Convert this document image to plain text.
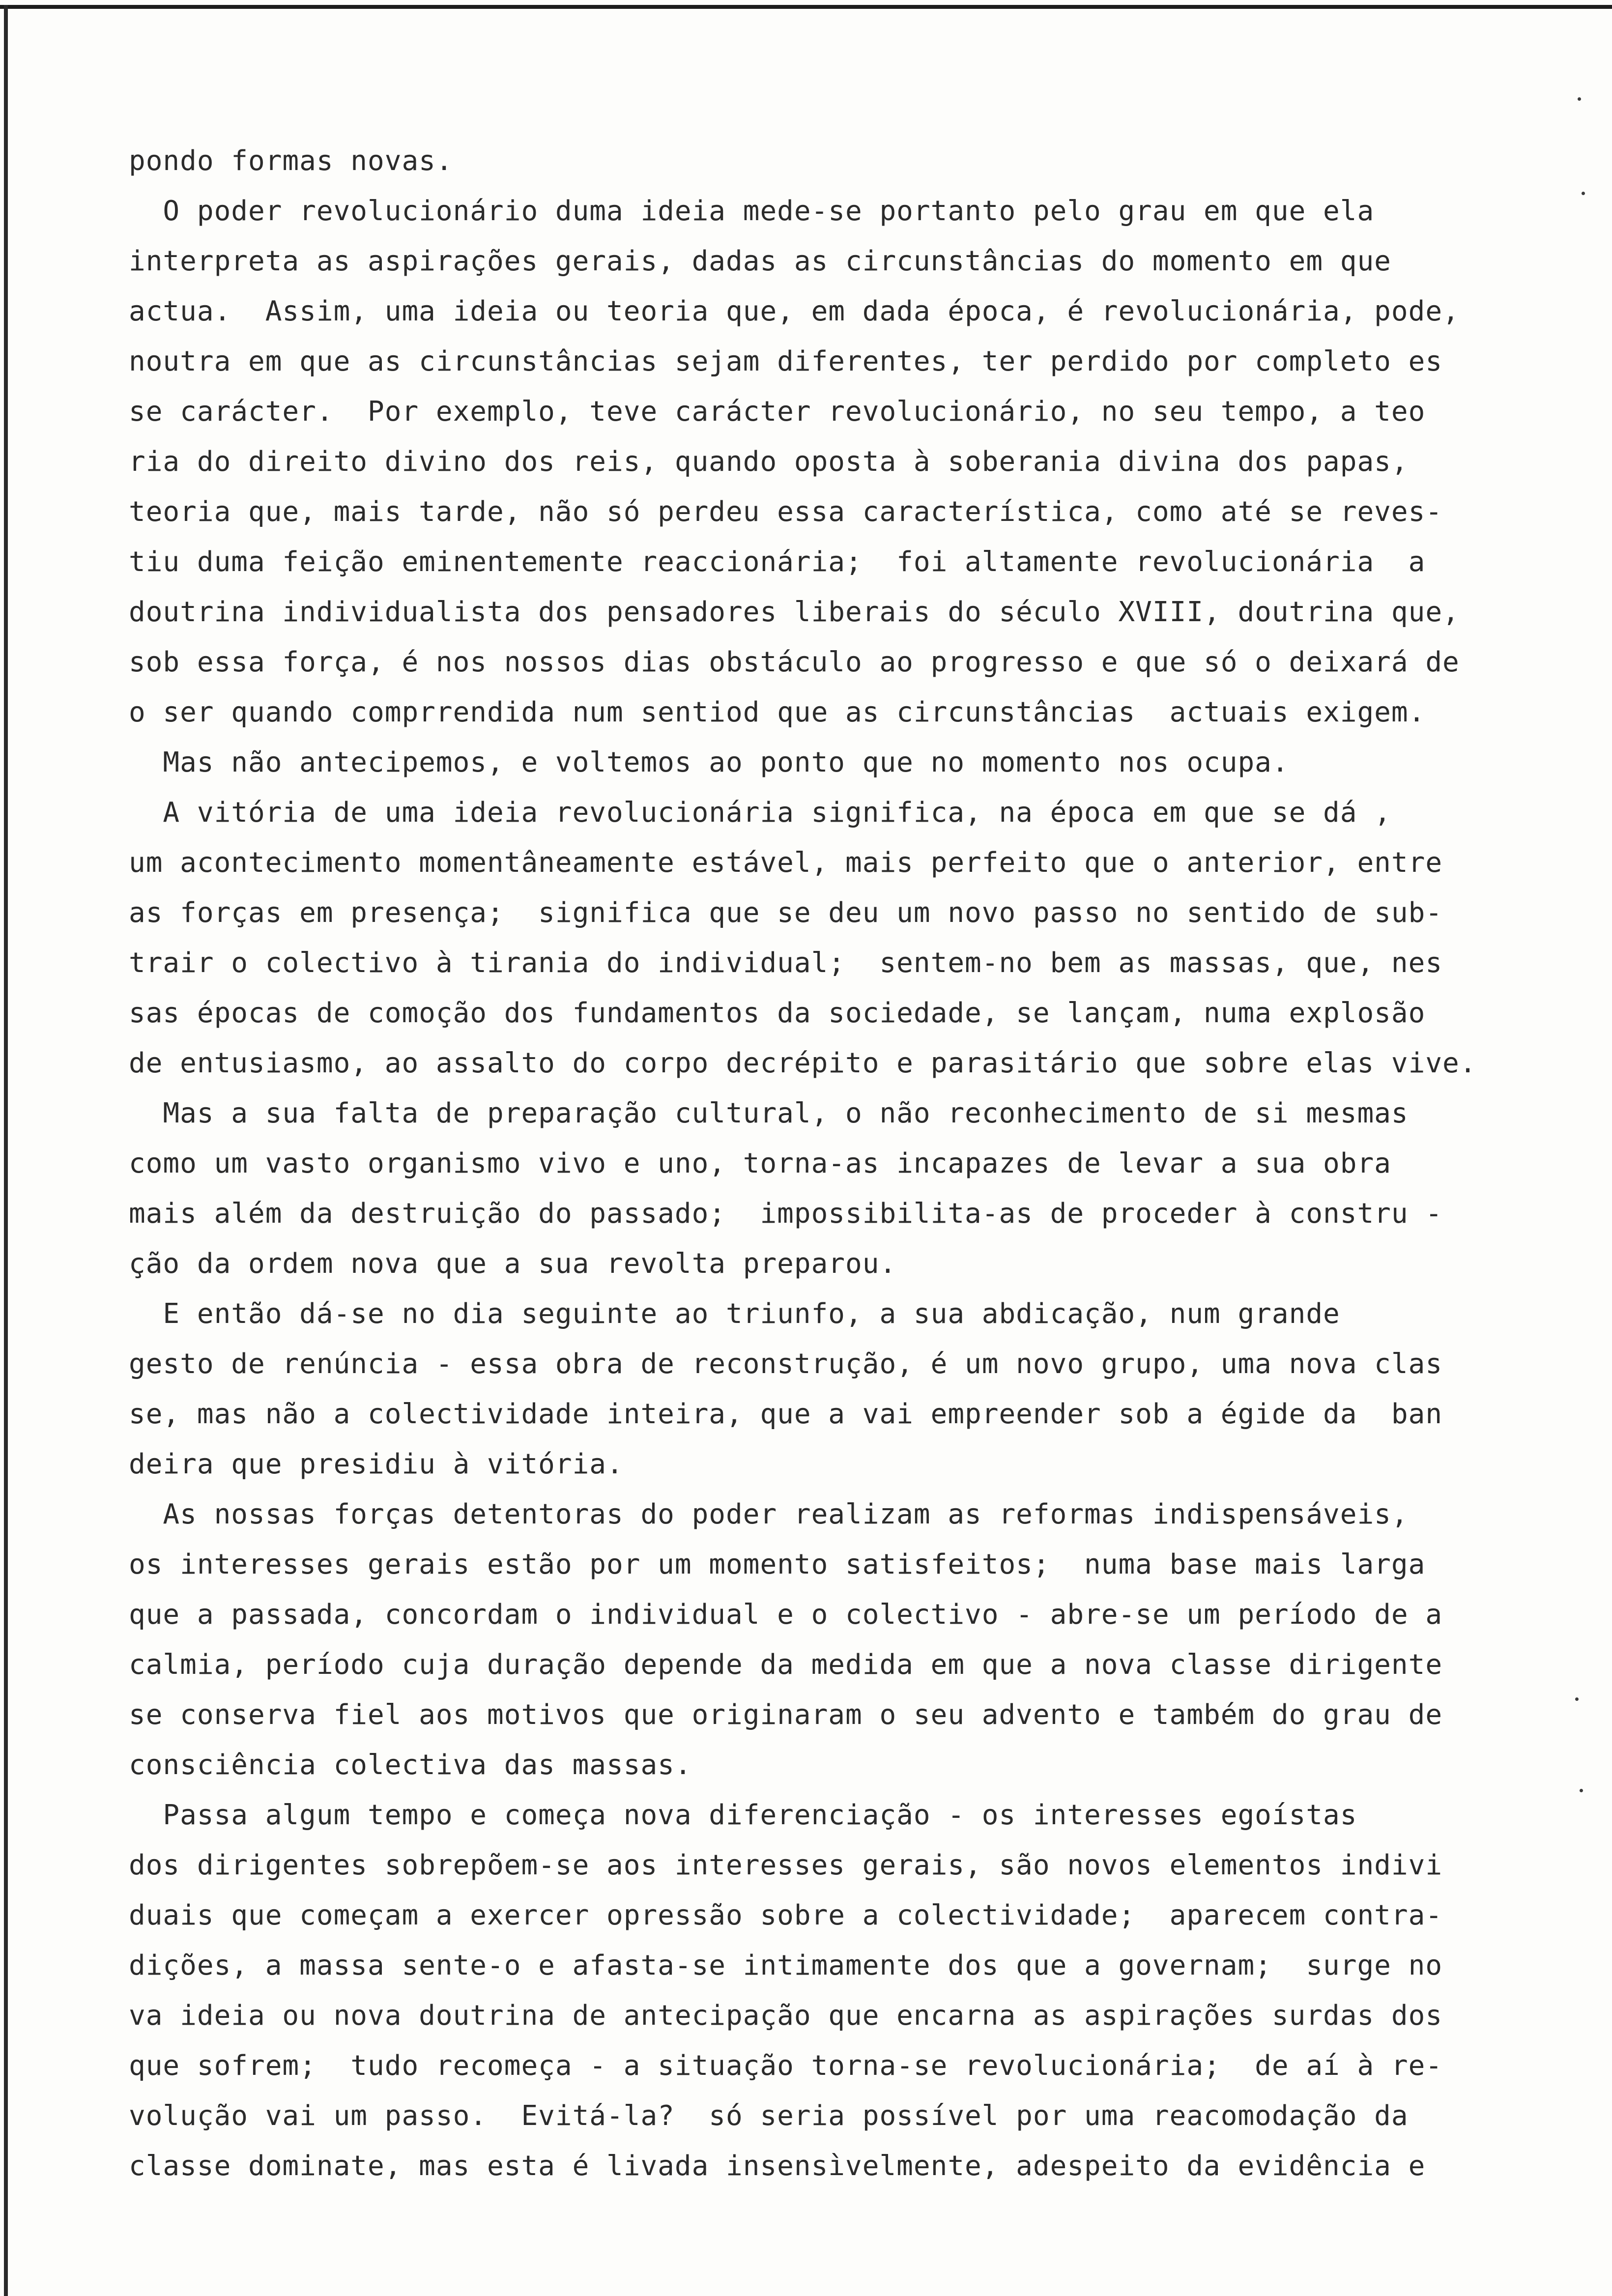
pondo formas novas.
O poder revolucionário duma ideia mede-se portanto pelo grau em que ela
interpreta as aspirações gerais, dadas as circunstâncias do momento em que
actua.  Assim, uma ideia ou teoria que, em dada época, é revolucionária, pode,
noutra em que as circunstâncias sejam diferentes, ter perdido por completo es
se carácter.  Por exemplo, teve carácter revolucionário, no seu tempo, a teo
ria do direito divino dos reis, quando oposta à soberania divina dos papas,
teoria que, mais tarde, não só perdeu essa característica, como até se reves-
tiu duma feição eminentemente reaccionária;  foi altamente revolucionária  a
doutrina individualista dos pensadores liberais do século XVIII, doutrina que,
sob essa força, é nos nossos dias obstáculo ao progresso e que só o deixará de
o ser quando comprrendida num sentiod que as circunstâncias  actuais exigem.
Mas não antecipemos, e voltemos ao ponto que no momento nos ocupa.
A vitória de uma ideia revolucionária significa, na época em que se dá ,
um acontecimento momentâneamente estável, mais perfeito que o anterior, entre
as forças em presença;  significa que se deu um novo passo no sentido de sub-
trair o colectivo à tirania do individual;  sentem-no bem as massas, que, nes
sas épocas de comoção dos fundamentos da sociedade, se lançam, numa explosão
de entusiasmo, ao assalto do corpo decrépito e parasitário que sobre elas vive.
Mas a sua falta de preparação cultural, o não reconhecimento de si mesmas
como um vasto organismo vivo e uno, torna-as incapazes de levar a sua obra
mais além da destruição do passado;  impossibilita-as de proceder à constru -
ção da ordem nova que a sua revolta preparou.
E então dá-se no dia seguinte ao triunfo, a sua abdicação, num grande
gesto de renúncia - essa obra de reconstrução, é um novo grupo, uma nova clas
se, mas não a colectividade inteira, que a vai empreender sob a égide da  ban
deira que presidiu à vitória.
As nossas forças detentoras do poder realizam as reformas indispensáveis,
os interesses gerais estão por um momento satisfeitos;  numa base mais larga
que a passada, concordam o individual e o colectivo - abre-se um período de a
calmia, período cuja duração depende da medida em que a nova classe dirigente
se conserva fiel aos motivos que originaram o seu advento e também do grau de
consciência colectiva das massas.
Passa algum tempo e começa nova diferenciação - os interesses egoístas
dos dirigentes sobrepõem-se aos interesses gerais, são novos elementos indivi
duais que começam a exercer opressão sobre a colectividade;  aparecem contra-
dições, a massa sente-o e afasta-se intimamente dos que a governam;  surge no
va ideia ou nova doutrina de antecipação que encarna as aspirações surdas dos
que sofrem;  tudo recomeça - a situação torna-se revolucionária;  de aí à re-
volução vai um passo.  Evitá-la?  só seria possível por uma reacomodação da
classe dominate, mas esta é livada insensìvelmente, adespeito da evidência e
